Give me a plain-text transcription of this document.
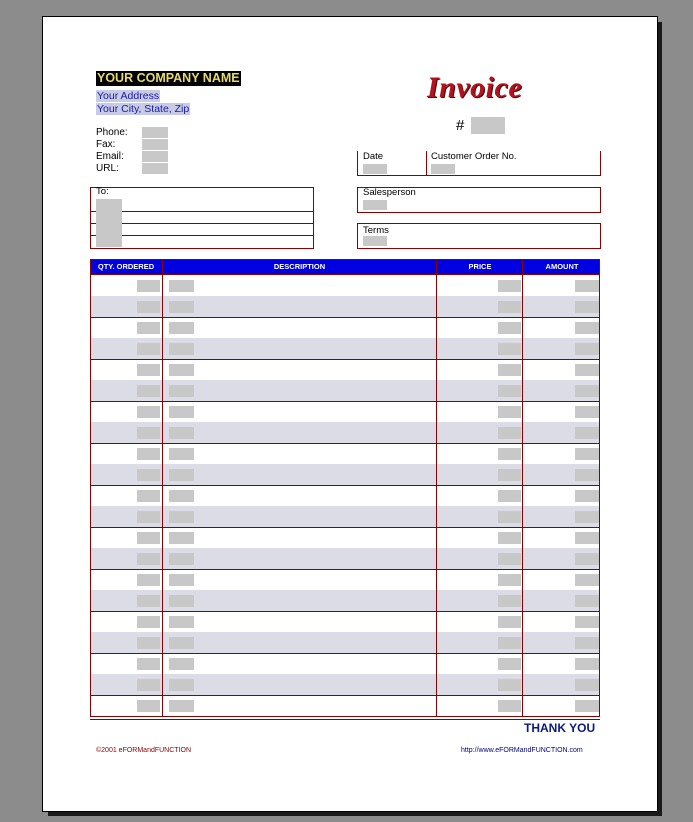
YOUR COMPANY NAME
Your Address
Your City, State, Zip
Phone:
Fax:
Email:
URL:
Invoice
#
Date	Customer Order No.
Salesperson
Terms
To:
QTY. ORDERED	DESCRIPTION	PRICE	AMOUNT
THANK YOU
©2001 eFORMandFUNCTION	http://www.eFORMandFUNCTION.com
